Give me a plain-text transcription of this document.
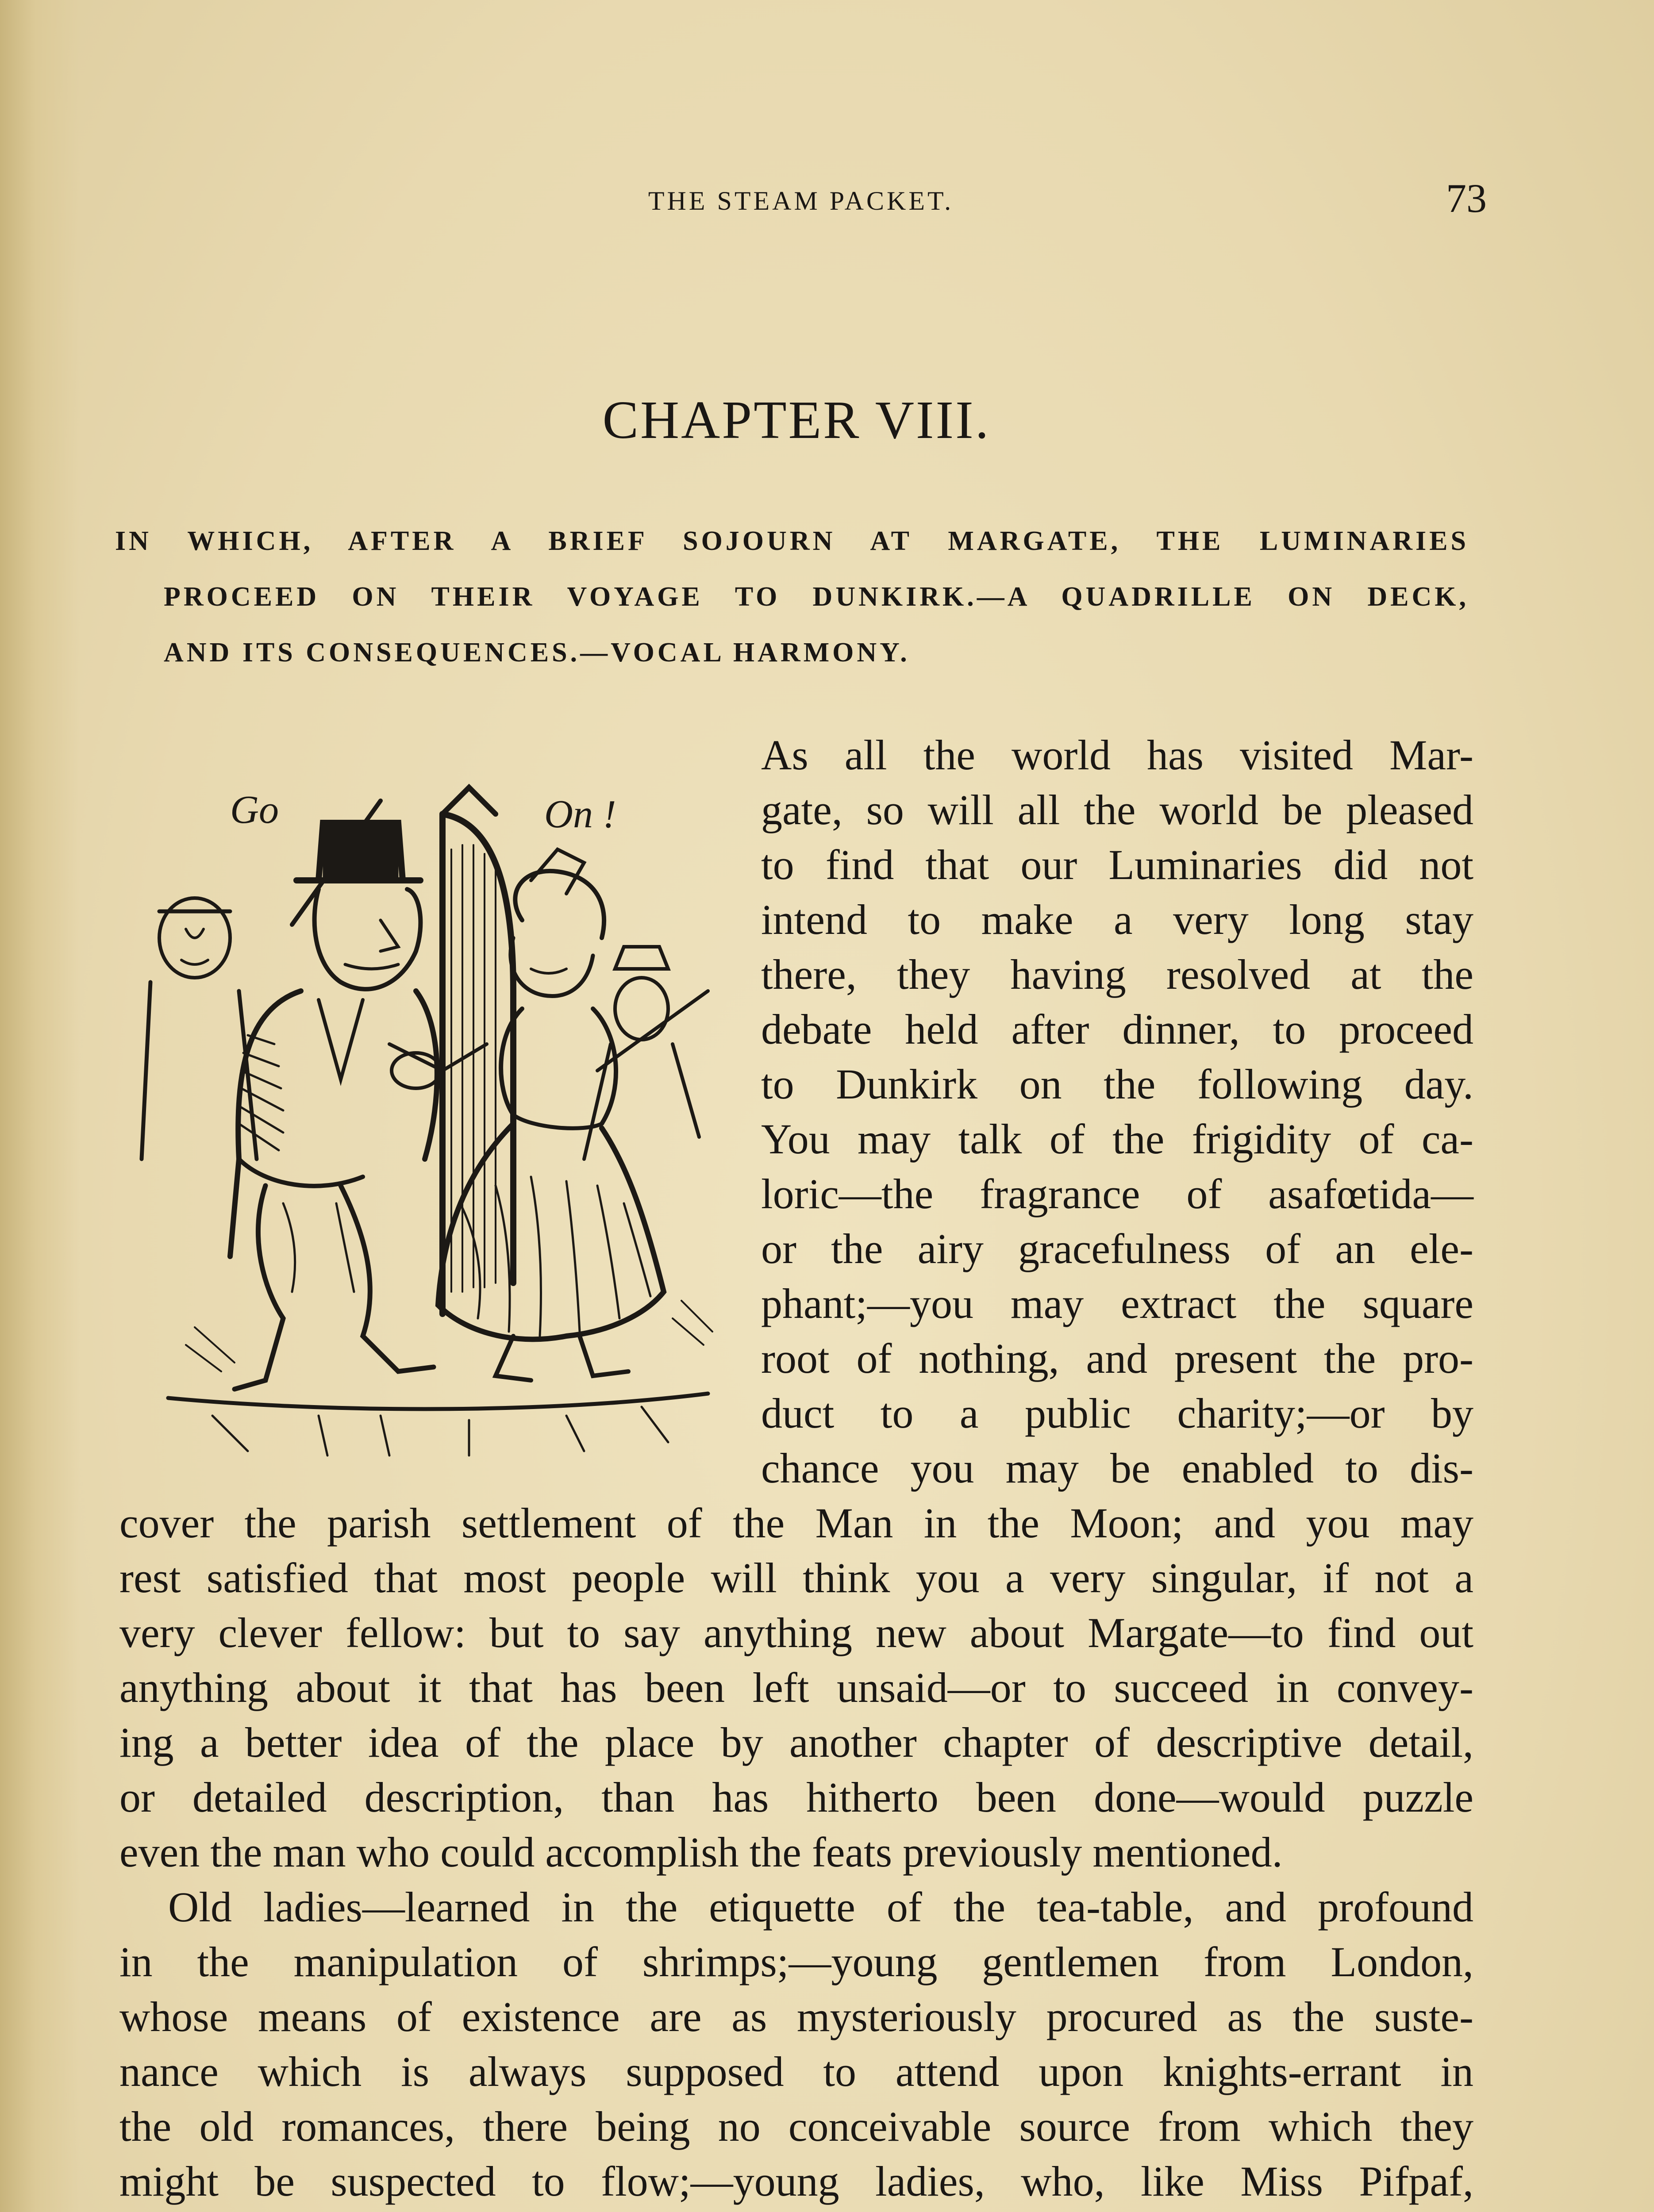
THE STEAM PACKET.	73
CHAPTER VIII.
IN WHICH, AFTER A BRIEF SOJOURN AT MARGATE, THE LUMINARIES
PROCEED ON THEIR VOYAGE TO DUNKIRK.—A QUADRILLE ON DECK,
AND ITS CONSEQUENCES.—VOCAL HARMONY.
Go	On !
As all the world has visited Mar-
gate, so will all the world be pleased
to find that our Luminaries did not
intend to make a very long stay
there, they having resolved at the
debate held after dinner, to proceed
to Dunkirk on the following day.
You may talk of the frigidity of ca-
loric—the fragrance of asafœtida—
or the airy gracefulness of an ele-
phant;—you may extract the square
root of nothing, and present the pro-
duct to a public charity;—or by
chance you may be enabled to dis-
cover the parish settlement of the Man in the Moon; and you may
rest satisfied that most people will think you a very singular, if not a
very clever fellow: but to say anything new about Margate—to find out
anything about it that has been left unsaid—or to succeed in convey-
ing a better idea of the place by another chapter of descriptive detail,
or detailed description, than has hitherto been done—would puzzle
even the man who could accomplish the feats previously mentioned.
Old ladies—learned in the etiquette of the tea-table, and profound
in the manipulation of shrimps;—young gentlemen from London,
whose means of existence are as mysteriously procured as the suste-
nance which is always supposed to attend upon knights-errant in
the old romances, there being no conceivable source from which they
might be suspected to flow;—young ladies, who, like Miss Pifpaf,
